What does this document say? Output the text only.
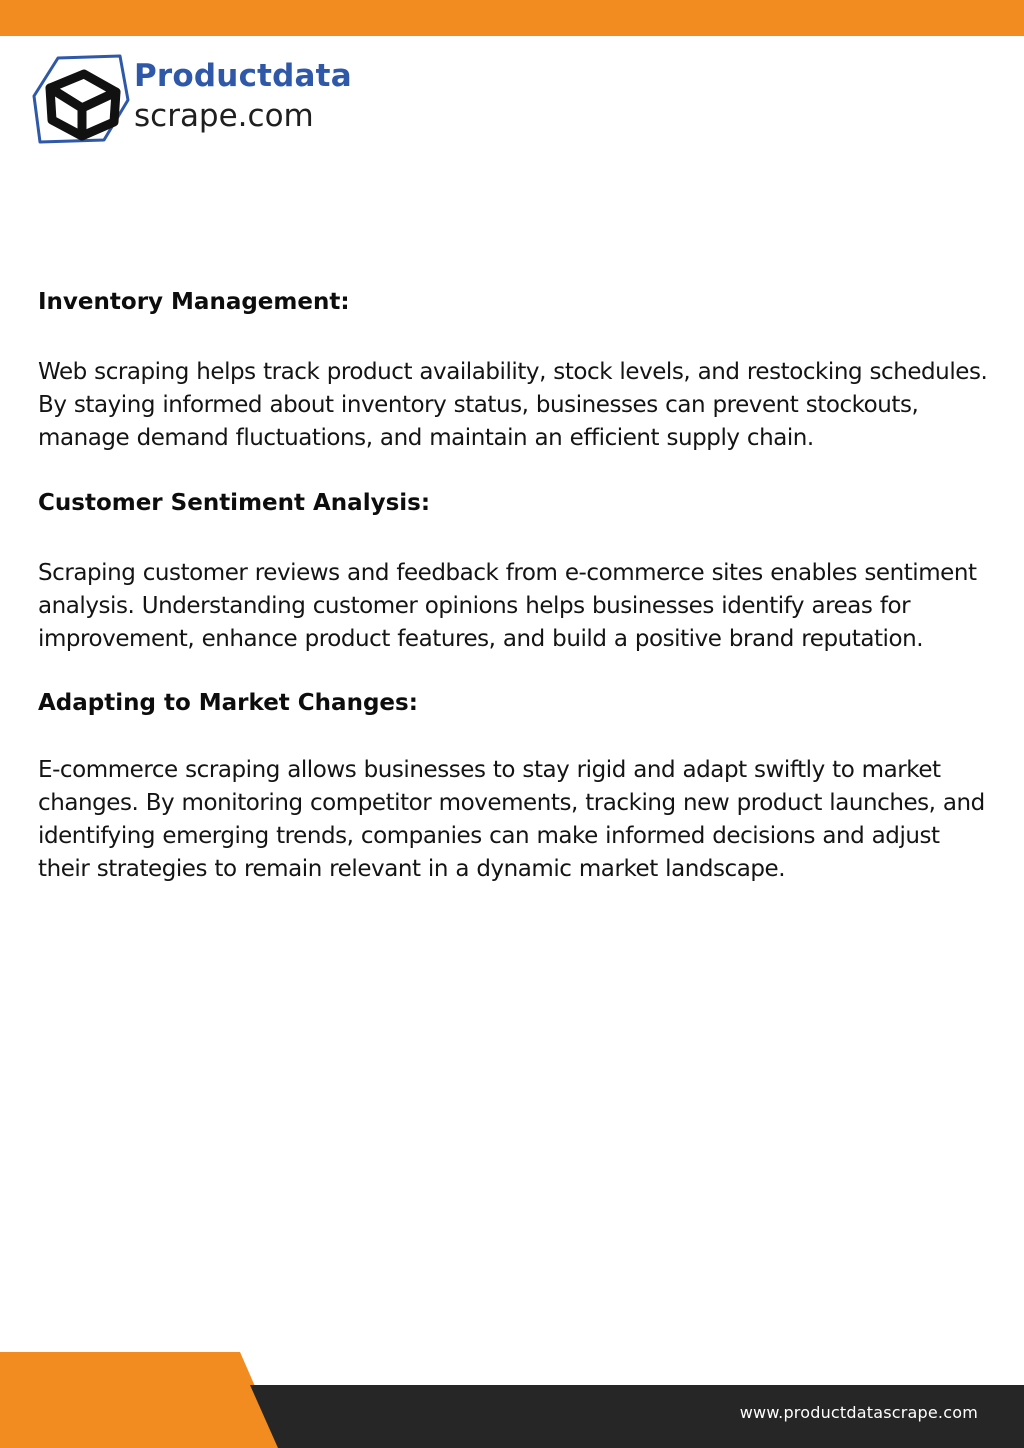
Productdata
scrape.com
Inventory Management:

Web scraping helps track product availability, stock levels, and restocking schedules. By staying informed about inventory status, businesses can prevent stockouts, manage demand fluctuations, and maintain an efficient supply chain.

Customer Sentiment Analysis:

Scraping customer reviews and feedback from e-commerce sites enables sentiment analysis. Understanding customer opinions helps businesses identify areas for improvement, enhance product features, and build a positive brand reputation.

Adapting to Market Changes:

E-commerce scraping allows businesses to stay rigid and adapt swiftly to market changes. By monitoring competitor movements, tracking new product launches, and identifying emerging trends, companies can make informed decisions and adjust their strategies to remain relevant in a dynamic market landscape.

www.productdatascrape.com
